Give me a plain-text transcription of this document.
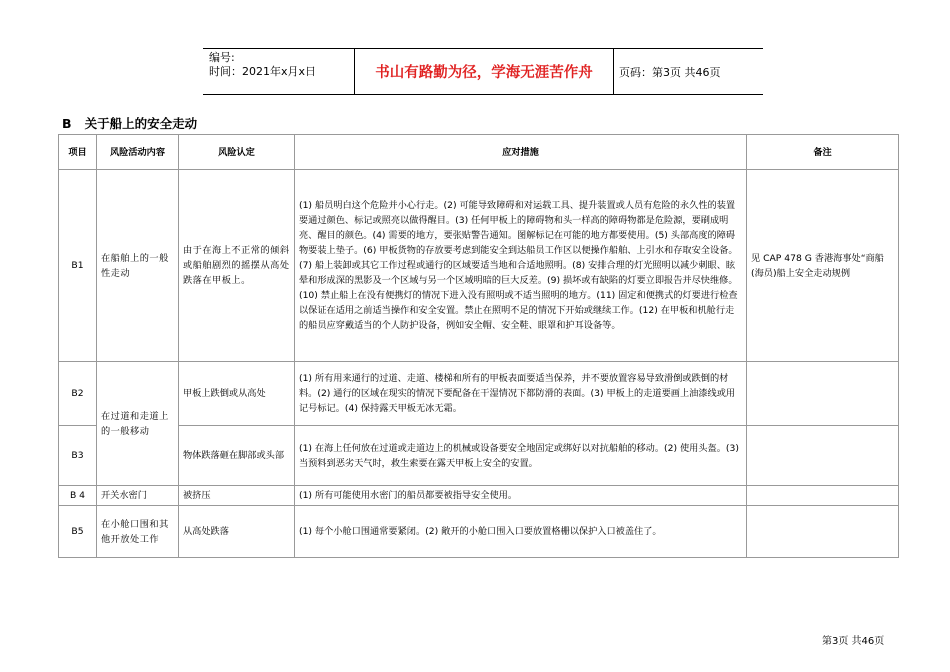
编号:
时间：2021年x月x日	书山有路勤为径，学海无涯苦作舟	页码：第3页 共46页
B   关于船上的安全走动
项目	风险活动内容	风险认定	应对措施	备注
B1	在船舶上的一般性走动	由于在海上不正常的倾斜或船舶剧烈的摇摆从高处跌落在甲板上。	(1) 船员明白这个危险并小心行走。(2) 可能导致障碍和对运载工具、提升装置或人员有危险的永久性的装置要通过颜色、标记或照亮以做得醒目。(3) 任何甲板上的障碍物和头一样高的障碍物都是危险源，要刷成明亮、醒目的颜色。(4) 需要的地方，要张贴警告通知。图解标记在可能的地方都要使用。(5) 头部高度的障碍物要装上垫子。(6) 甲板货物的存放要考虑到能安全到达船员工作区以便操作船舶、上引水和存取安全设备。(7) 船上装卸或其它工作过程或通行的区域要适当地和合适地照明。(8) 安排合理的灯光照明以减少刺眼、眩晕和形成深的黑影及一个区域与另一个区域明暗的巨大反差。(9) 损坏或有缺陷的灯要立即报告并尽快维修。(10) 禁止船上在没有便携灯的情况下进入没有照明或不适当照明的地方。(11) 固定和便携式的灯要进行检查以保证在适用之前适当操作和安全安置。禁止在照明不足的情况下开始或继续工作。(12) 在甲板和机舱行走的船员应穿戴适当的个人防护设备，例如安全帽、安全鞋、眼罩和护耳设备等。	见 CAP 478 G 香港海事处“商船(海员)船上安全走动规例
B2	在过道和走道上的一般移动	甲板上跌倒或从高处	(1) 所有用来通行的过道、走道、楼梯和所有的甲板表面要适当保养，并不要放置容易导致滑倒或跌倒的材料。(2) 通行的区域在现实的情况下要配备在干湿情况下都防滑的表面。(3) 甲板上的走道要画上油漆线或用记号标记。(4) 保持露天甲板无冰无霜。	
B3		物体跌落砸在脚部或头部	(1) 在海上任何放在过道或走道边上的机械或设备要安全地固定或绑好以对抗船舶的移动。(2) 使用头盔。(3) 当预料到恶劣天气时，救生索要在露天甲板上安全的安置。	
B 4	开关水密门	被挤压	(1) 所有可能使用水密门的船员都要被指导安全使用。	
B5	在小舱口围和其他开放处工作	从高处跌落	(1) 每个小舱口围通常要紧闭。(2) 敞开的小舱口围入口要放置格栅以保护入口被盖住了。	
第3页 共46页
